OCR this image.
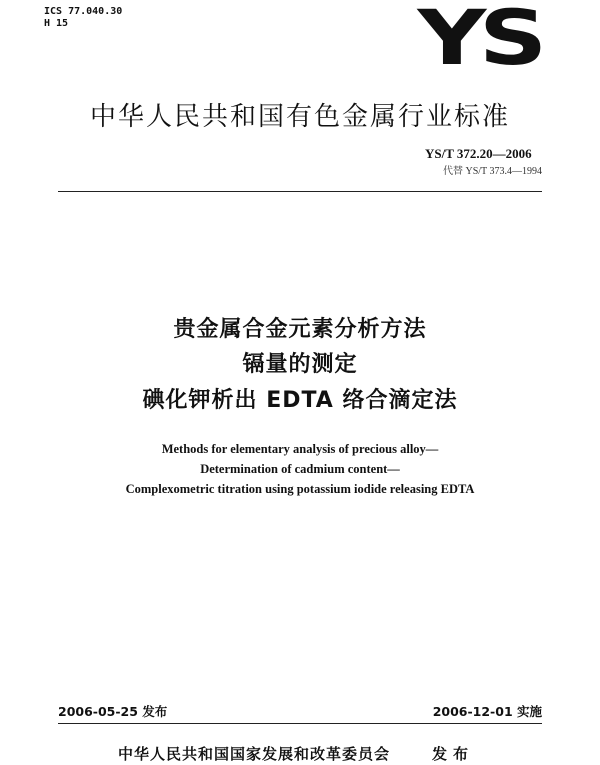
ICS 77.040.30
H 15	YS
中华人民共和国有色金属行业标准
YS/T 372.20—2006
代替 YS/T 373.4—1994
贵金属合金元素分析方法
镉量的测定
碘化钾析出 EDTA 络合滴定法
Methods for elementary analysis of precious alloy—
Determination of cadmium content—
Complexometric titration using potassium iodide releasing EDTA
2006-05-25 发布	2006-12-01 实施
中华人民共和国国家发展和改革委员会	发布
